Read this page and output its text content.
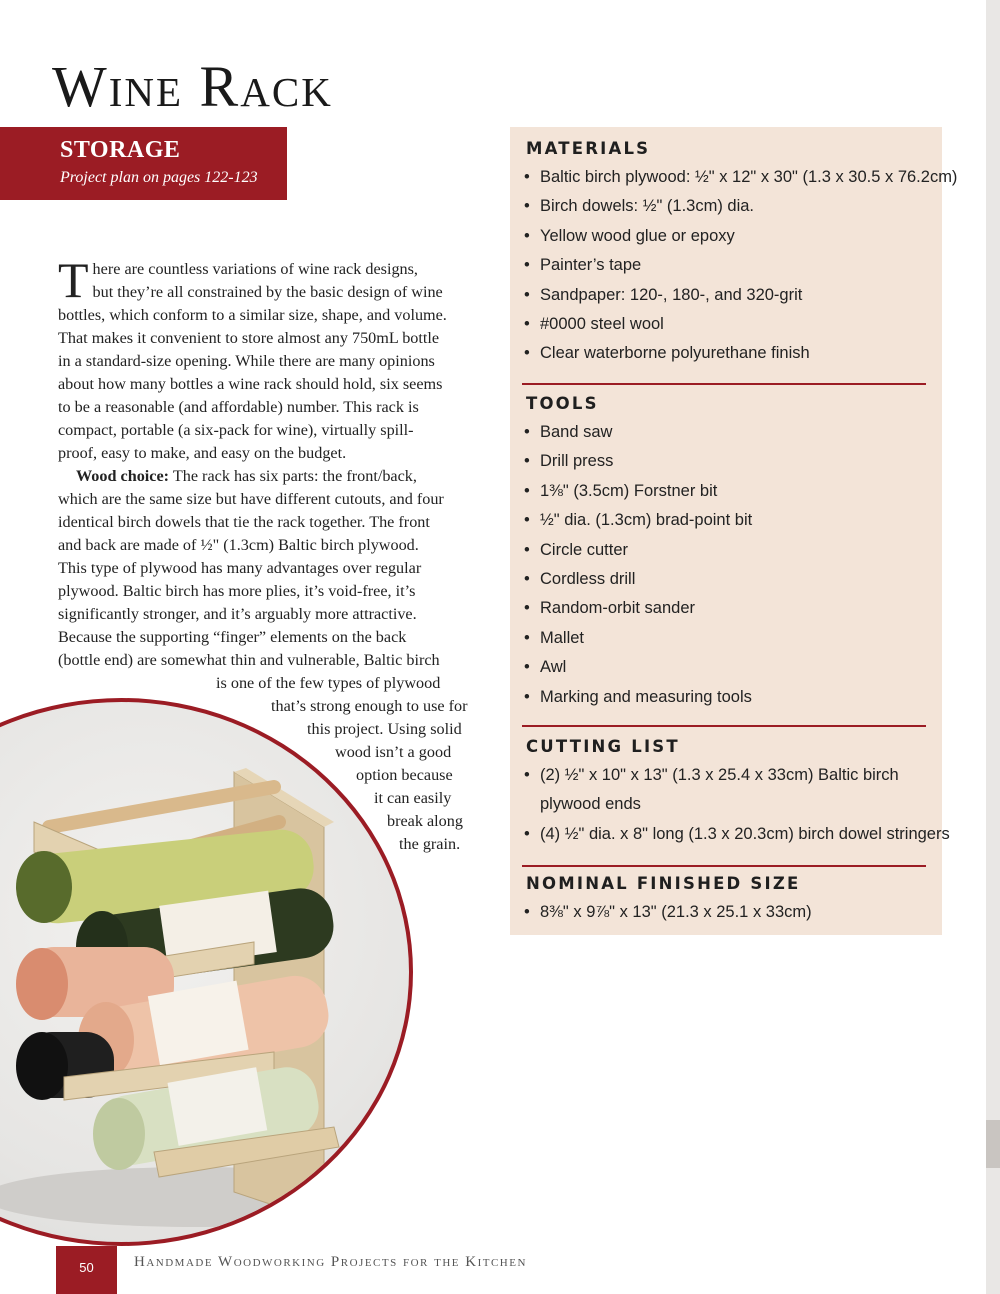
Wine Rack
STORAGE
Project plan on pages 122-123

T here are countless variations of wine rack designs,
but they’re all constrained by the basic design of wine
bottles, which conform to a similar size, shape, and volume.
That makes it convenient to store almost any 750mL bottle
in a standard-size opening. While there are many opinions
about how many bottles a wine rack should hold, six seems
to be a reasonable (and affordable) number. This rack is
compact, portable (a six-pack for wine), virtually spill-
proof, easy to make, and easy on the budget.

Wood choice: The rack has six parts: the front/back,
which are the same size but have different cutouts, and four
identical birch dowels that tie the rack together. The front
and back are made of ½" (1.3cm) Baltic birch plywood.
This type of plywood has many advantages over regular
plywood. Baltic birch has more plies, it’s void-free, it’s
significantly stronger, and it’s arguably more attractive.
Because the supporting “finger” elements on the back
(bottle end) are somewhat thin and vulnerable, Baltic birch

is one of the few types of plywood
that’s strong enough to use for
this project. Using solid
wood isn’t a good
option because
it can easily
break along
the grain.
MATERIALS
• Baltic birch plywood: ½" x 12" x 30" (1.3 x 30.5 x 76.2cm)
• Birch dowels: ½" (1.3cm) dia.
• Yellow wood glue or epoxy
• Painter’s tape
• Sandpaper: 120-, 180-, and 320-grit
• #0000 steel wool
• Clear waterborne polyurethane finish
TOOLS
• Band saw
• Drill press
• 1⅜" (3.5cm) Forstner bit
• ½" dia. (1.3cm) brad-point bit
• Circle cutter
• Cordless drill
• Random-orbit sander
• Mallet
• Awl
• Marking and measuring tools
CUTTING LIST
• (2) ½" x 10" x 13" (1.3 x 25.4 x 33cm) Baltic birch
plywood ends
• (4) ½" dia. x 8" long (1.3 x 20.3cm) birch dowel stringers
NOMINAL FINISHED SIZE
• 8⅜" x 9⅞" x 13" (21.3 x 25.1 x 33cm)
50	Handmade Woodworking Projects for the Kitchen
